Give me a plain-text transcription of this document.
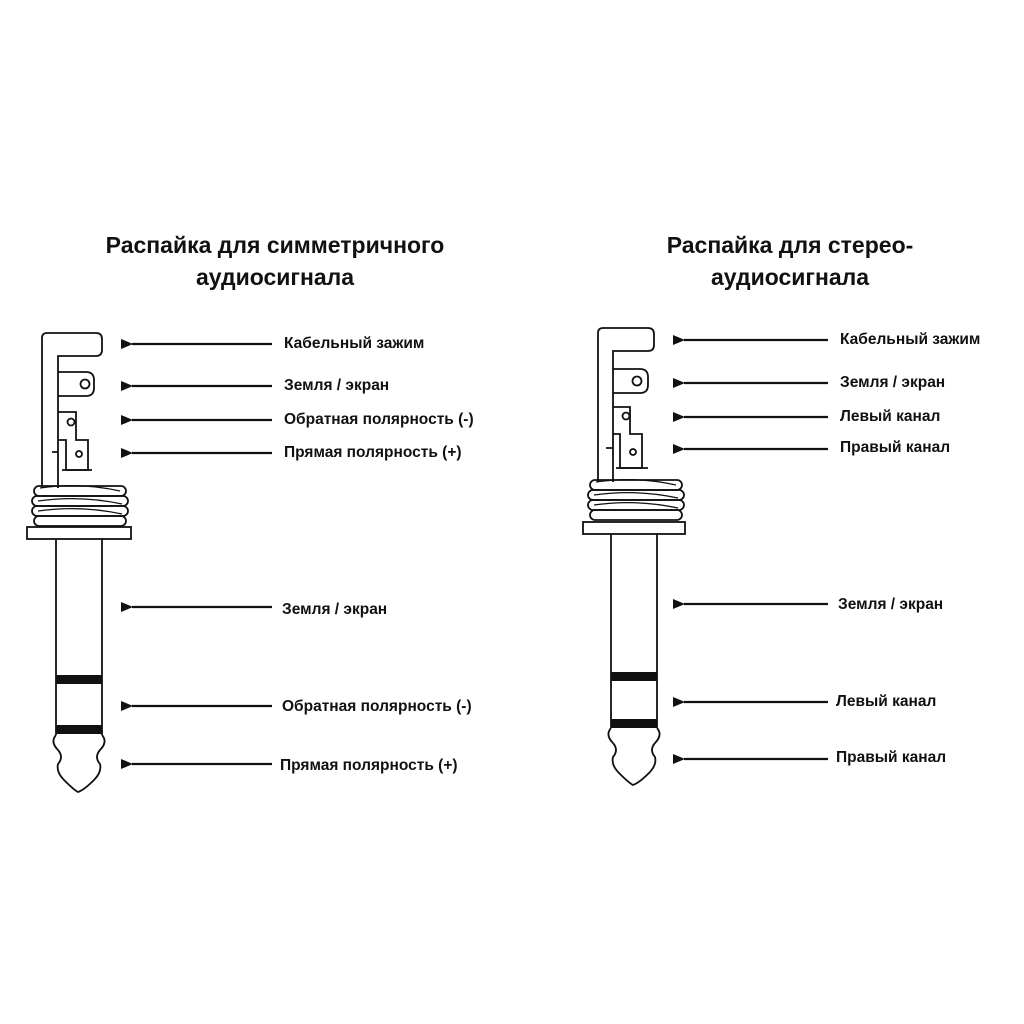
Распайка для симметричного
аудиосигнала
Распайка для стерео-
аудиосигнала
Кабельный зажим
Земля / экран
Обратная полярность (-)
Прямая полярность (+)
Земля / экран
Обратная полярность (-)
Прямая полярность (+)
Кабельный зажим
Земля / экран
Левый канал
Правый канал
Земля / экран
Левый канал
Правый канал
